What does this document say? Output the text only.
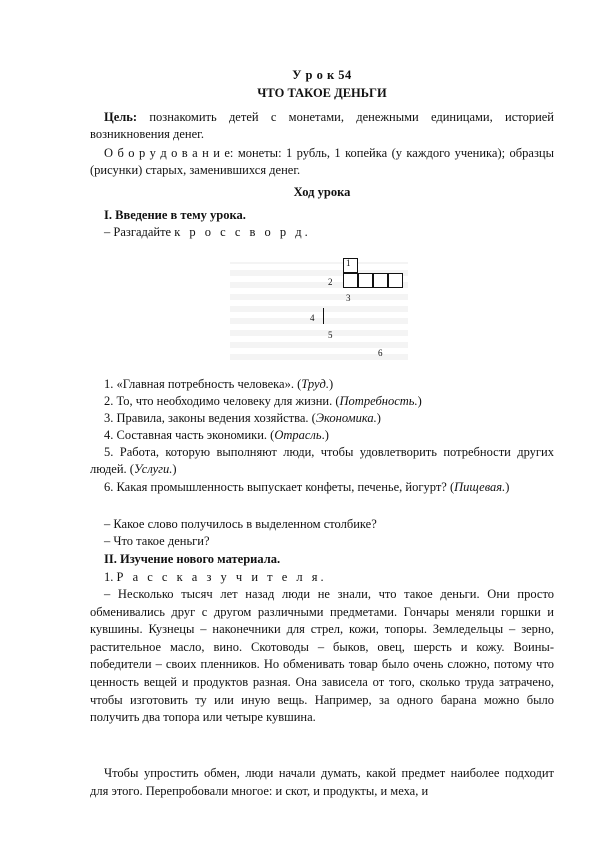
У р о к 54
ЧТО ТАКОЕ ДЕНЬГИ
Цель: познакомить детей с монетами, денежными единицами, историей возникновения денег.
О б о р у д о в а н и е: монеты: 1 рубль, 1 копейка (у каждого ученика); образцы (рисунки) старых, заменившихся денег.
Ход урока
I. Введение в тему урока.
– Разгадайте к р о с с в о р д.
1
2
3
4
5
6
1. «Главная потребность человека». (Труд.)
2. То, что необходимо человеку для жизни. (Потребность.)
3. Правила, законы ведения хозяйства. (Экономика.)
4. Составная часть экономики. (Отрасль.)
5. Работа, которую выполняют люди, чтобы удовлетворить потребности других людей. (Услуги.)
6. Какая промышленность выпускает конфеты, печенье, йогурт? (Пищевая.)
– Какое слово получилось в выделенном столбике?
– Что такое деньги?
II. Изучение нового материала.
1. Р а с с к а з у ч и т е л я.
– Несколько тысяч лет назад люди не знали, что такое деньги. Они просто обменивались друг с другом различными предметами. Гончары меняли горшки и кувшины. Кузнецы – наконечники для стрел, кожи, топоры. Земледельцы – зерно, растительное масло, вино. Скотоводы – быков, овец, шерсть и кожу. Воины-победители – своих пленников. Но обменивать товар было очень сложно, потому что ценность вещей и продуктов разная. Она зависела от того, сколько труда затрачено, чтобы изготовить ту или иную вещь. Например, за одного барана можно было получить два топора или четыре кувшина.
Чтобы упростить обмен, люди начали думать, какой предмет наиболее подходит для этого. Перепробовали многое: и скот, и продукты, и меха, и
